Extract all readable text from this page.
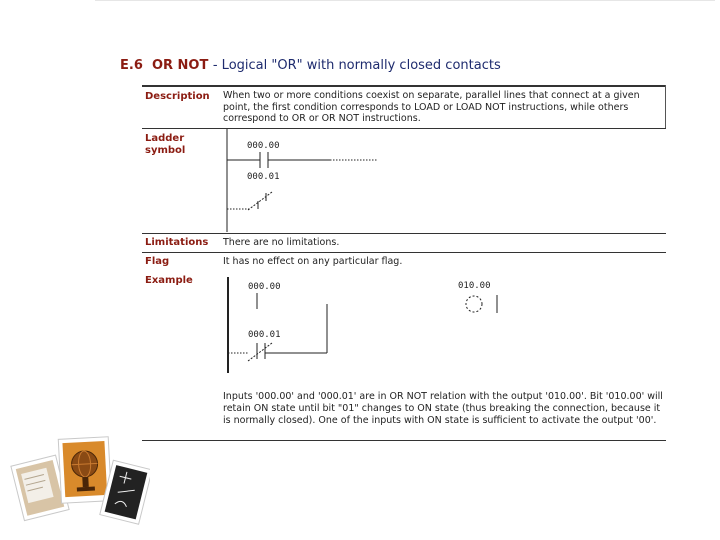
E.6 OR NOT - Logical "OR" with normally closed contacts
Description When two or more conditions coexist on separate, parallel lines that connect at a given point, the first condition corresponds to LOAD or LOAD NOT instructions, while others correspond to OR or OR NOT instructions.
Ladder
symbol	000.00
000.01
Limitations There are no limitations.
Flag	It has no effect on any particular flag.
Example
000.00
000.01
010.00
Inputs '000.00' and '000.01' are in OR NOT relation with the output '010.00'. Bit '010.00' will retain ON state until bit "01" changes to ON state (thus breaking the connection, because it is normally closed). One of the inputs with ON state is sufficient to activate the output '00'.
